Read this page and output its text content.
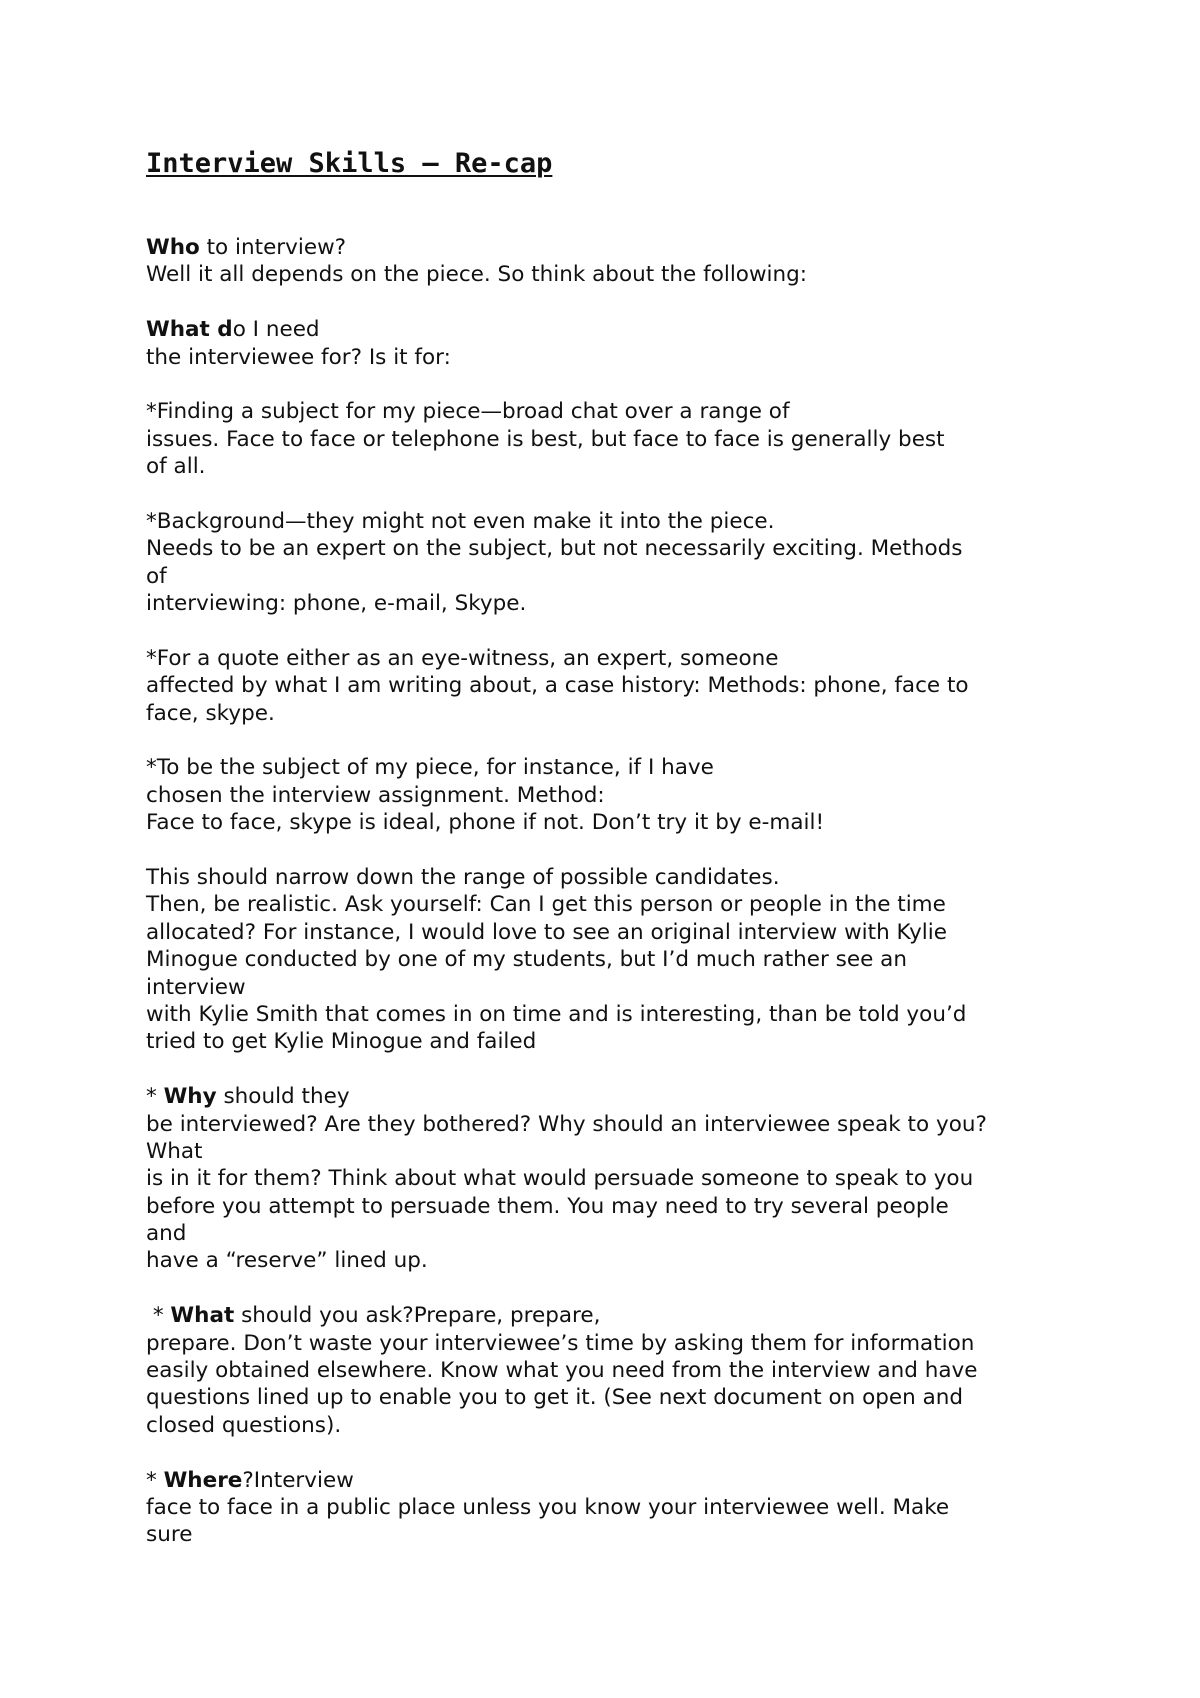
Interview Skills – Re-cap
Who to interview?
Well it all depends on the piece. So think about the following:
What do I need
the interviewee for? Is it for:
*Finding a subject for my piece—broad chat over a range of
issues. Face to face or telephone is best, but face to face is generally best
of all.
*Background—they might not even make it into the piece.
Needs to be an expert on the subject, but not necessarily exciting. Methods
of
interviewing: phone, e-mail, Skype.
*For a quote either as an eye-witness, an expert, someone
affected by what I am writing about, a case history: Methods: phone, face to
face, skype.
*To be the subject of my piece, for instance, if I have
chosen the interview assignment. Method:
Face to face, skype is ideal, phone if not. Don’t try it by e-mail!
This should narrow down the range of possible candidates.
Then, be realistic. Ask yourself: Can I get this person or people in the time
allocated? For instance, I would love to see an original interview with Kylie
Minogue conducted by one of my students, but I’d much rather see an
interview
with Kylie Smith that comes in on time and is interesting, than be told you’d
tried to get Kylie Minogue and failed
* Why should they
be interviewed? Are they bothered? Why should an interviewee speak to you?
What
is in it for them? Think about what would persuade someone to speak to you
before you attempt to persuade them. You may need to try several people
and
have a “reserve” lined up.
* What should you ask?Prepare, prepare,
prepare. Don’t waste your interviewee’s time by asking them for information
easily obtained elsewhere. Know what you need from the interview and have
questions lined up to enable you to get it. (See next document on open and
closed questions).
* Where?Interview
face to face in a public place unless you know your interviewee well. Make
sure
